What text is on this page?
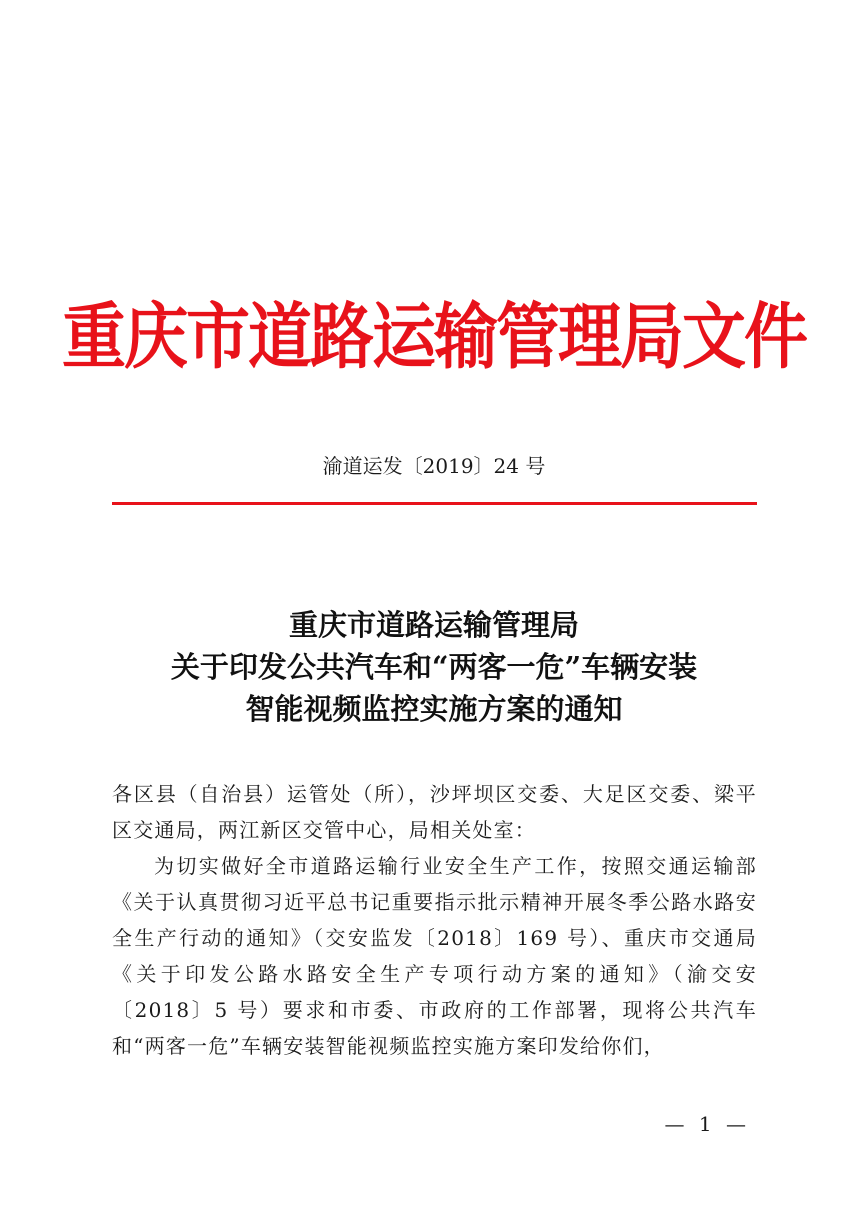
重庆市道路运输管理局文件
渝道运发〔2019〕24 号
重庆市道路运输管理局
关于印发公共汽车和“两客一危”车辆安装
智能视频监控实施方案的通知

各区县（自治县）运管处（所），沙坪坝区交委、大足区交委、梁平区交通局，两江新区交管中心，局相关处室：

为切实做好全市道路运输行业安全生产工作，按照交通运输部《关于认真贯彻习近平总书记重要指示批示精神开展冬季公路水路安全生产行动的通知》（交安监发〔2018〕169 号）、重庆市交通局《关于印发公路水路安全生产专项行动方案的通知》（渝交安〔2018〕5 号）要求和市委、市政府的工作部署，现将公共汽车和“两客一危”车辆安装智能视频监控实施方案印发给你们，

— 1 —
